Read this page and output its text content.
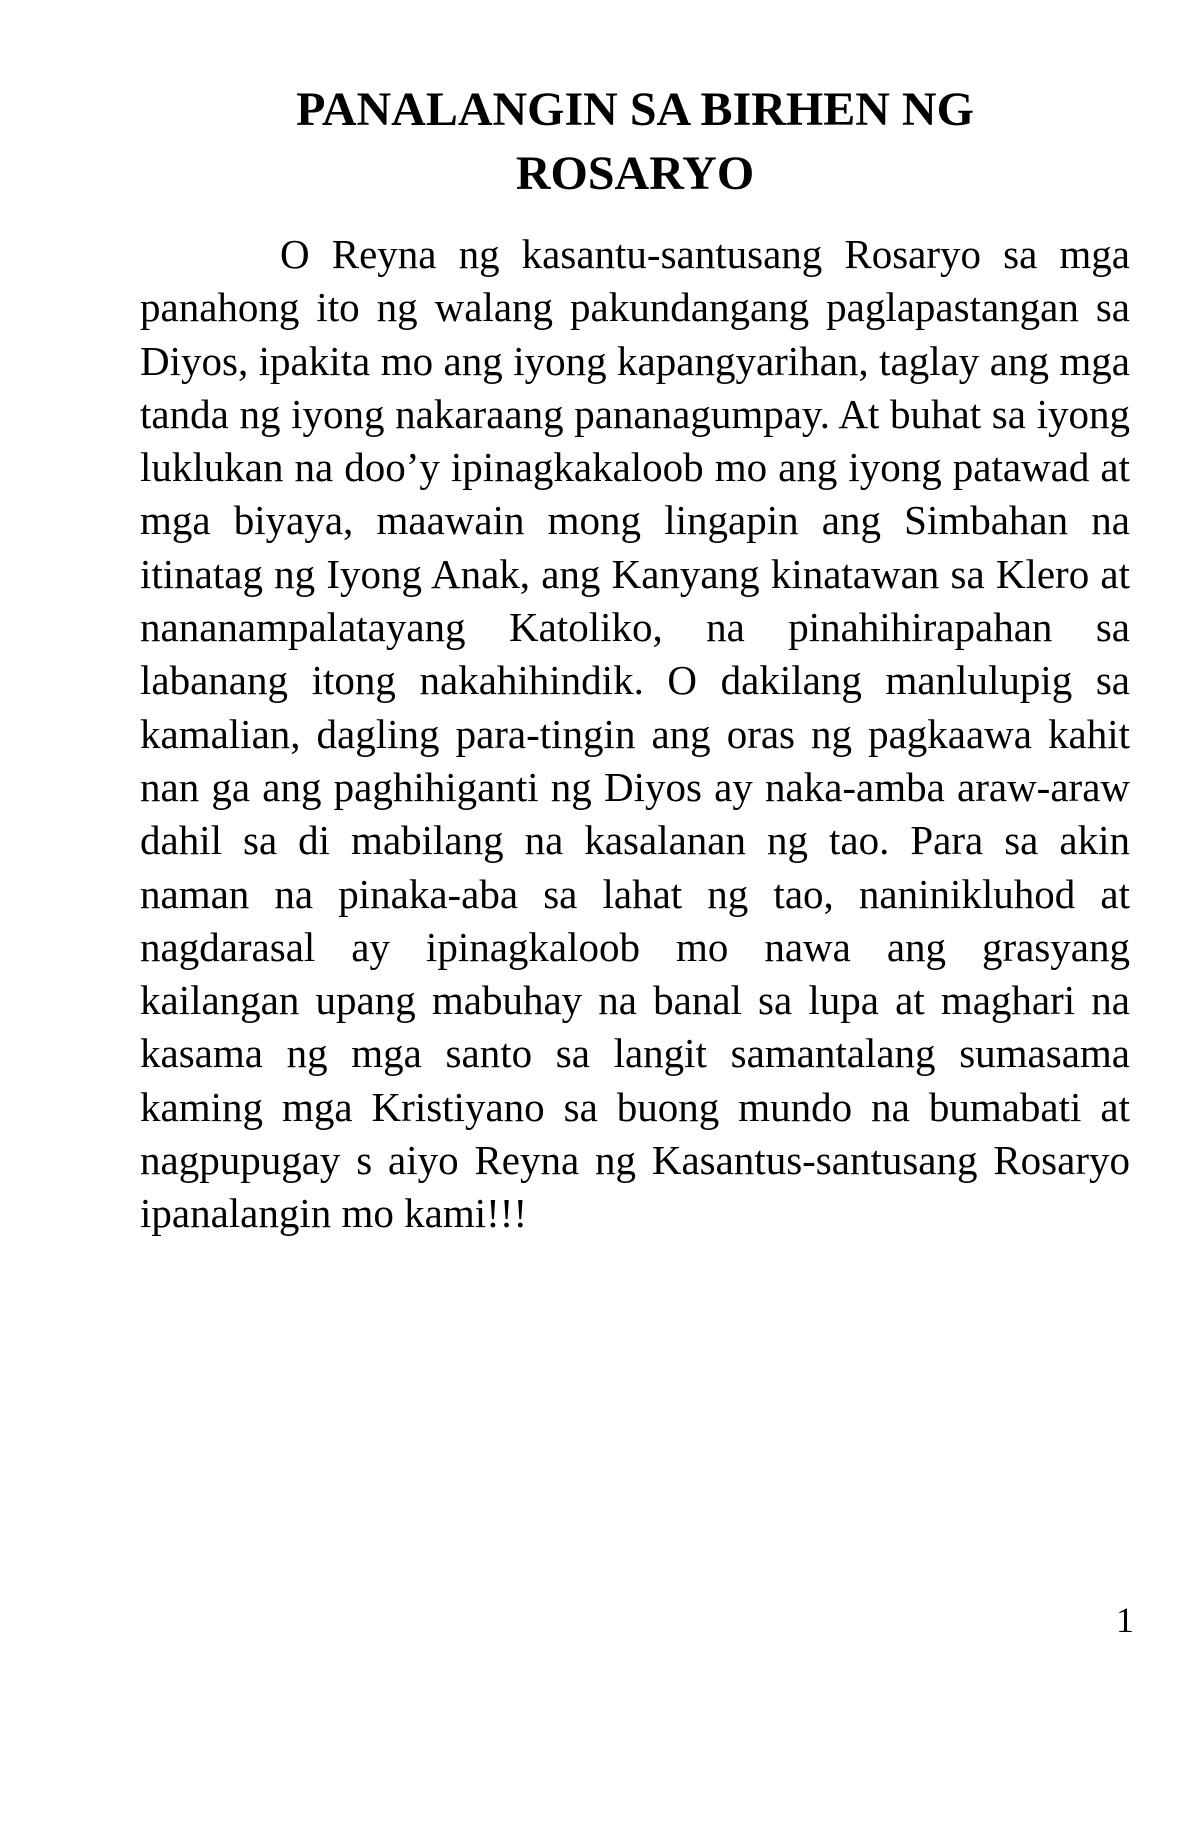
PANALANGIN SA BIRHEN NG
ROSARYO

O Reyna ng kasantu-santusang Rosaryo sa mga panahong ito ng walang pakundangang paglapastangan sa Diyos, ipakita mo ang iyong kapangyarihan, taglay ang mga tanda ng iyong nakaraang pananagumpay. At buhat sa iyong luklukan na doo’y ipinagkakaloob mo ang iyong patawad at mga biyaya, maawain mong lingapin ang Simbahan na itinatag ng Iyong Anak, ang Kanyang kinatawan sa Klero at nananampalatayang Katoliko, na pinahihirapahan sa labanang itong nakahihindik. O dakilang manlulupig sa kamalian, dagling para-tingin ang oras ng pagkaawa kahit nan ga ang paghihiganti ng Diyos ay naka-amba araw-araw dahil sa di mabilang na kasalanan ng tao. Para sa akin naman na pinaka-aba sa lahat ng tao, naninikluhod at nagdarasal ay ipinagkaloob mo nawa ang grasyang kailangan upang mabuhay na banal sa lupa at maghari na kasama ng mga santo sa langit samantalang sumasama kaming mga Kristiyano sa buong mundo na bumabati at nagpupugay s aiyo Reyna ng Kasantus-santusang Rosaryo ipanalangin mo kami!!!

1
